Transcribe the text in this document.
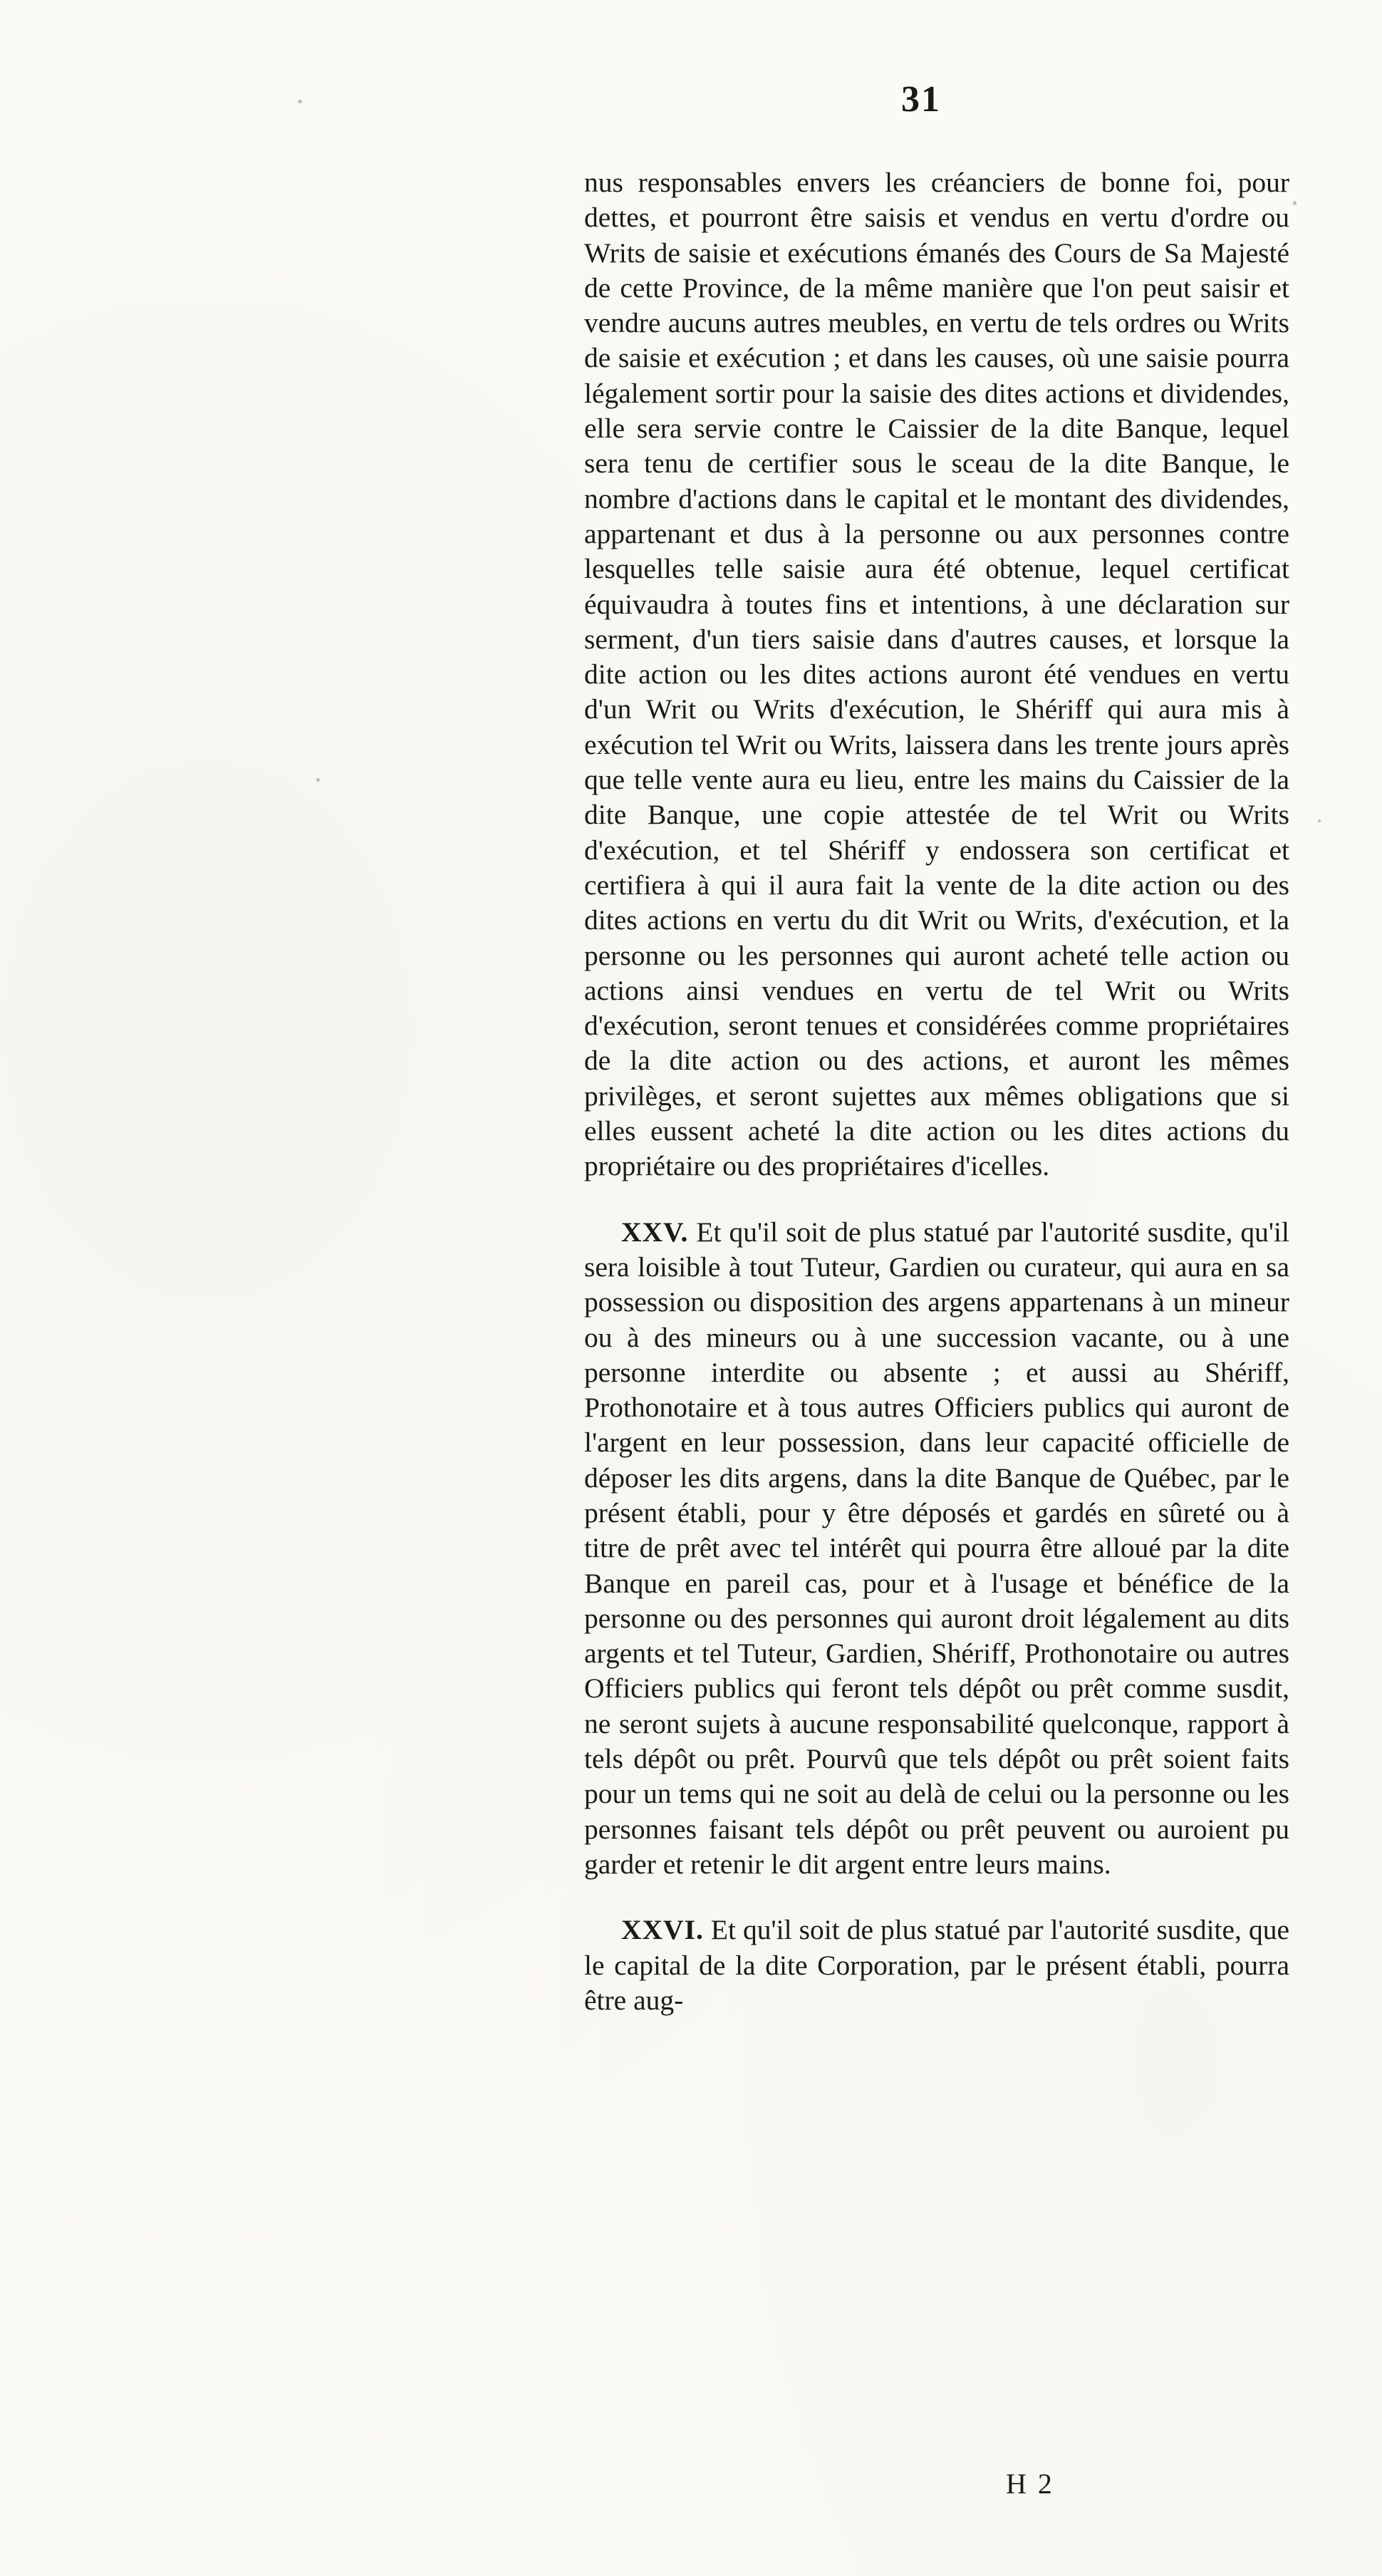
31

nus responsables envers les créanciers de bonne foi, pour dettes, et pourront être saisis et vendus en vertu d'ordre ou Writs de saisie et exécutions émanés des Cours de Sa Majesté de cette Province, de la même manière que l'on peut saisir et vendre aucuns autres meubles, en vertu de tels ordres ou Writs de saisie et exécution ; et dans les causes, où une saisie pourra légalement sortir pour la saisie des dites actions et dividendes, elle sera servie contre le Caissier de la dite Banque, lequel sera tenu de certifier sous le sceau de la dite Banque, le nombre d'actions dans le capital et le montant des dividendes, appartenant et dus à la personne ou aux personnes contre lesquelles telle saisie aura été obtenue, lequel certificat équivaudra à toutes fins et intentions, à une déclaration sur serment, d'un tiers saisie dans d'autres causes, et lorsque la dite action ou les dites actions auront été vendues en vertu d'un Writ ou Writs d'exécution, le Shériff qui aura mis à exécution tel Writ ou Writs, laissera dans les trente jours après que telle vente aura eu lieu, entre les mains du Caissier de la dite Banque, une copie attestée de tel Writ ou Writs d'exécution, et tel Shériff y endossera son certificat et certifiera à qui il aura fait la vente de la dite action ou des dites actions en vertu du dit Writ ou Writs, d'exécution, et la personne ou les personnes qui auront acheté telle action ou actions ainsi vendues en vertu de tel Writ ou Writs d'exécution, seront tenues et considérées comme propriétaires de la dite action ou des actions, et auront les mêmes privilèges, et seront sujettes aux mêmes obligations que si elles eussent acheté la dite action ou les dites actions du propriétaire ou des propriétaires d'icelles.

XXV. Et qu'il soit de plus statué par l'autorité susdite, qu'il sera loisible à tout Tuteur, Gardien ou curateur, qui aura en sa possession ou disposition des argens appartenans à un mineur ou à des mineurs ou à une succession vacante, ou à une personne interdite ou absente ; et aussi au Shériff, Prothonotaire et à tous autres Officiers publics qui auront de l'argent en leur possession, dans leur capacité officielle de déposer les dits argens, dans la dite Banque de Québec, par le présent établi, pour y être déposés et gardés en sûreté ou à titre de prêt avec tel intérêt qui pourra être alloué par la dite Banque en pareil cas, pour et à l'usage et bénéfice de la personne ou des personnes qui auront droit légalement au dits argents et tel Tuteur, Gardien, Shériff, Prothonotaire ou autres Officiers publics qui feront tels dépôt ou prêt comme susdit, ne seront sujets à aucune responsabilité quelconque, rapport à tels dépôt ou prêt. Pourvû que tels dépôt ou prêt soient faits pour un tems qui ne soit au delà de celui ou la personne ou les personnes faisant tels dépôt ou prêt peuvent ou auroient pu garder et retenir le dit argent entre leurs mains.

XXVI. Et qu'il soit de plus statué par l'autorité susdite, que le capital de la dite Corporation, par le présent établi, pourra être aug-

H 2
